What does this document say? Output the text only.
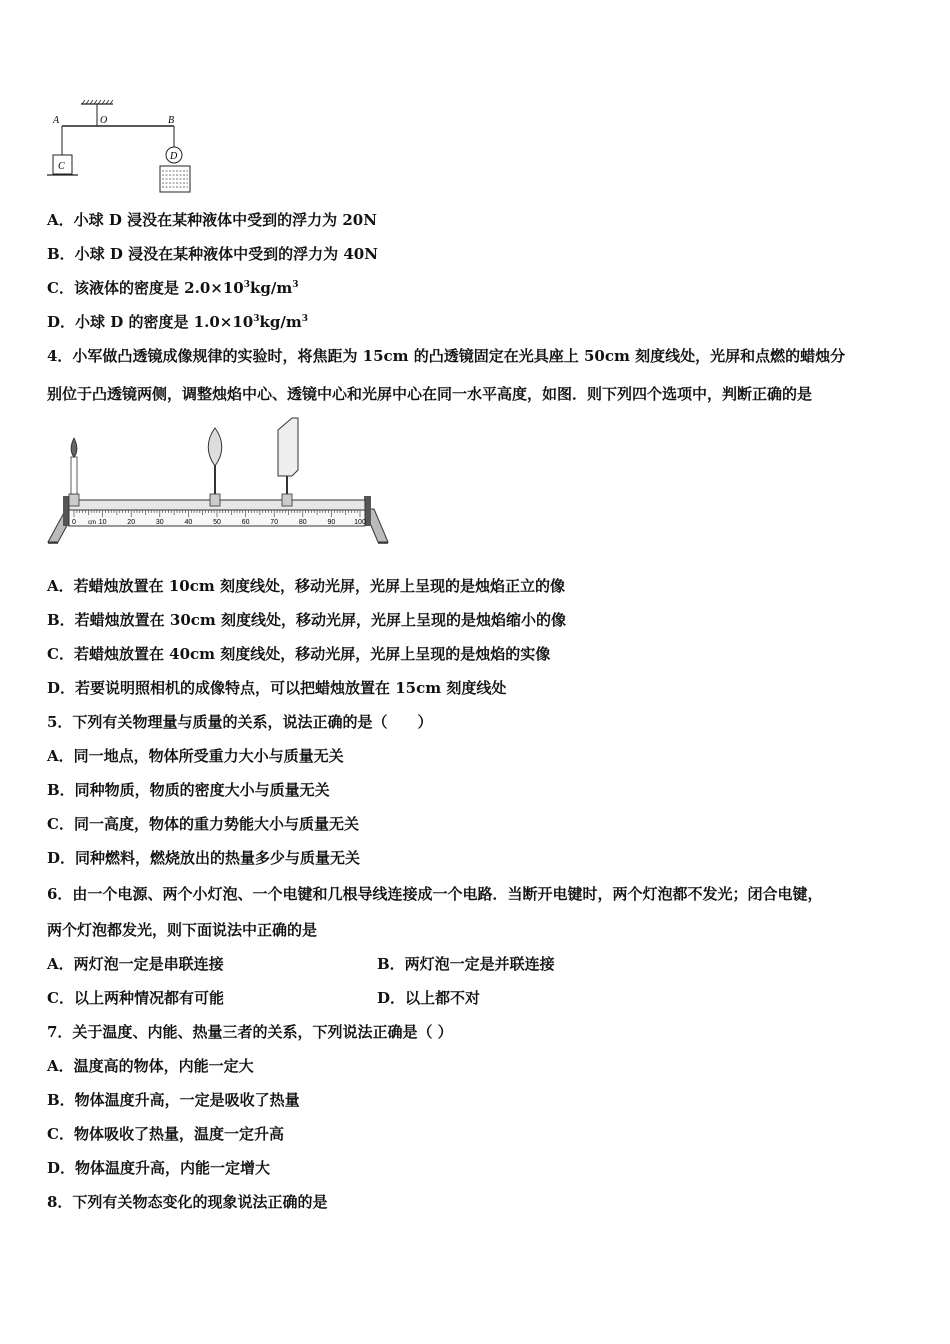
A	O	B
C
D
A．小球 D 浸没在某种液体中受到的浮力为 20N
B．小球 D 浸没在某种液体中受到的浮力为 40N
C．该液体的密度是 $2.0\times 10^3kg/m^3$
D．小球 D 的密度是 $1.0\times 10^3kg/m^3$
4．小军做凸透镜成像规律的实验时，将焦距为 15cm 的凸透镜固定在光具座上 50cm 刻度线处，光屏和点燃的蜡烛分
别位于凸透镜两侧，调整烛焰中心、透镜中心和光屏中心在同一水平高度，如图．则下列四个选项中，判断正确的是
0	10	20	30	40	50	60	70	80	90	100
cm
A．若蜡烛放置在 10cm 刻度线处，移动光屏，光屏上呈现的是烛焰正立的像
B．若蜡烛放置在 30cm 刻度线处，移动光屏，光屏上呈现的是烛焰缩小的像
C．若蜡烛放置在 40cm 刻度线处，移动光屏，光屏上呈现的是烛焰的实像
D．若要说明照相机的成像特点，可以把蜡烛放置在 15cm 刻度线处
5．下列有关物理量与质量的关系，说法正确的是（　　）
A．同一地点，物体所受重力大小与质量无关
B．同种物质，物质的密度大小与质量无关
C．同一高度，物体的重力势能大小与质量无关
D．同种燃料，燃烧放出的热量多少与质量无关
6．由一个电源、两个小灯泡、一个电键和几根导线连接成一个电路．当断开电键时，两个灯泡都不发光；闭合电键，
两个灯泡都发光，则下面说法中正确的是
A．两灯泡一定是串联连接	B．两灯泡一定是并联连接
C．以上两种情况都有可能	D．以上都不对
7．关于温度、内能、热量三者的关系，下列说法正确是（ ）
A．温度高的物体，内能一定大
B．物体温度升高，一定是吸收了热量
C．物体吸收了热量，温度一定升高
D．物体温度升高，内能一定增大
8．下列有关物态变化的现象说法正确的是
